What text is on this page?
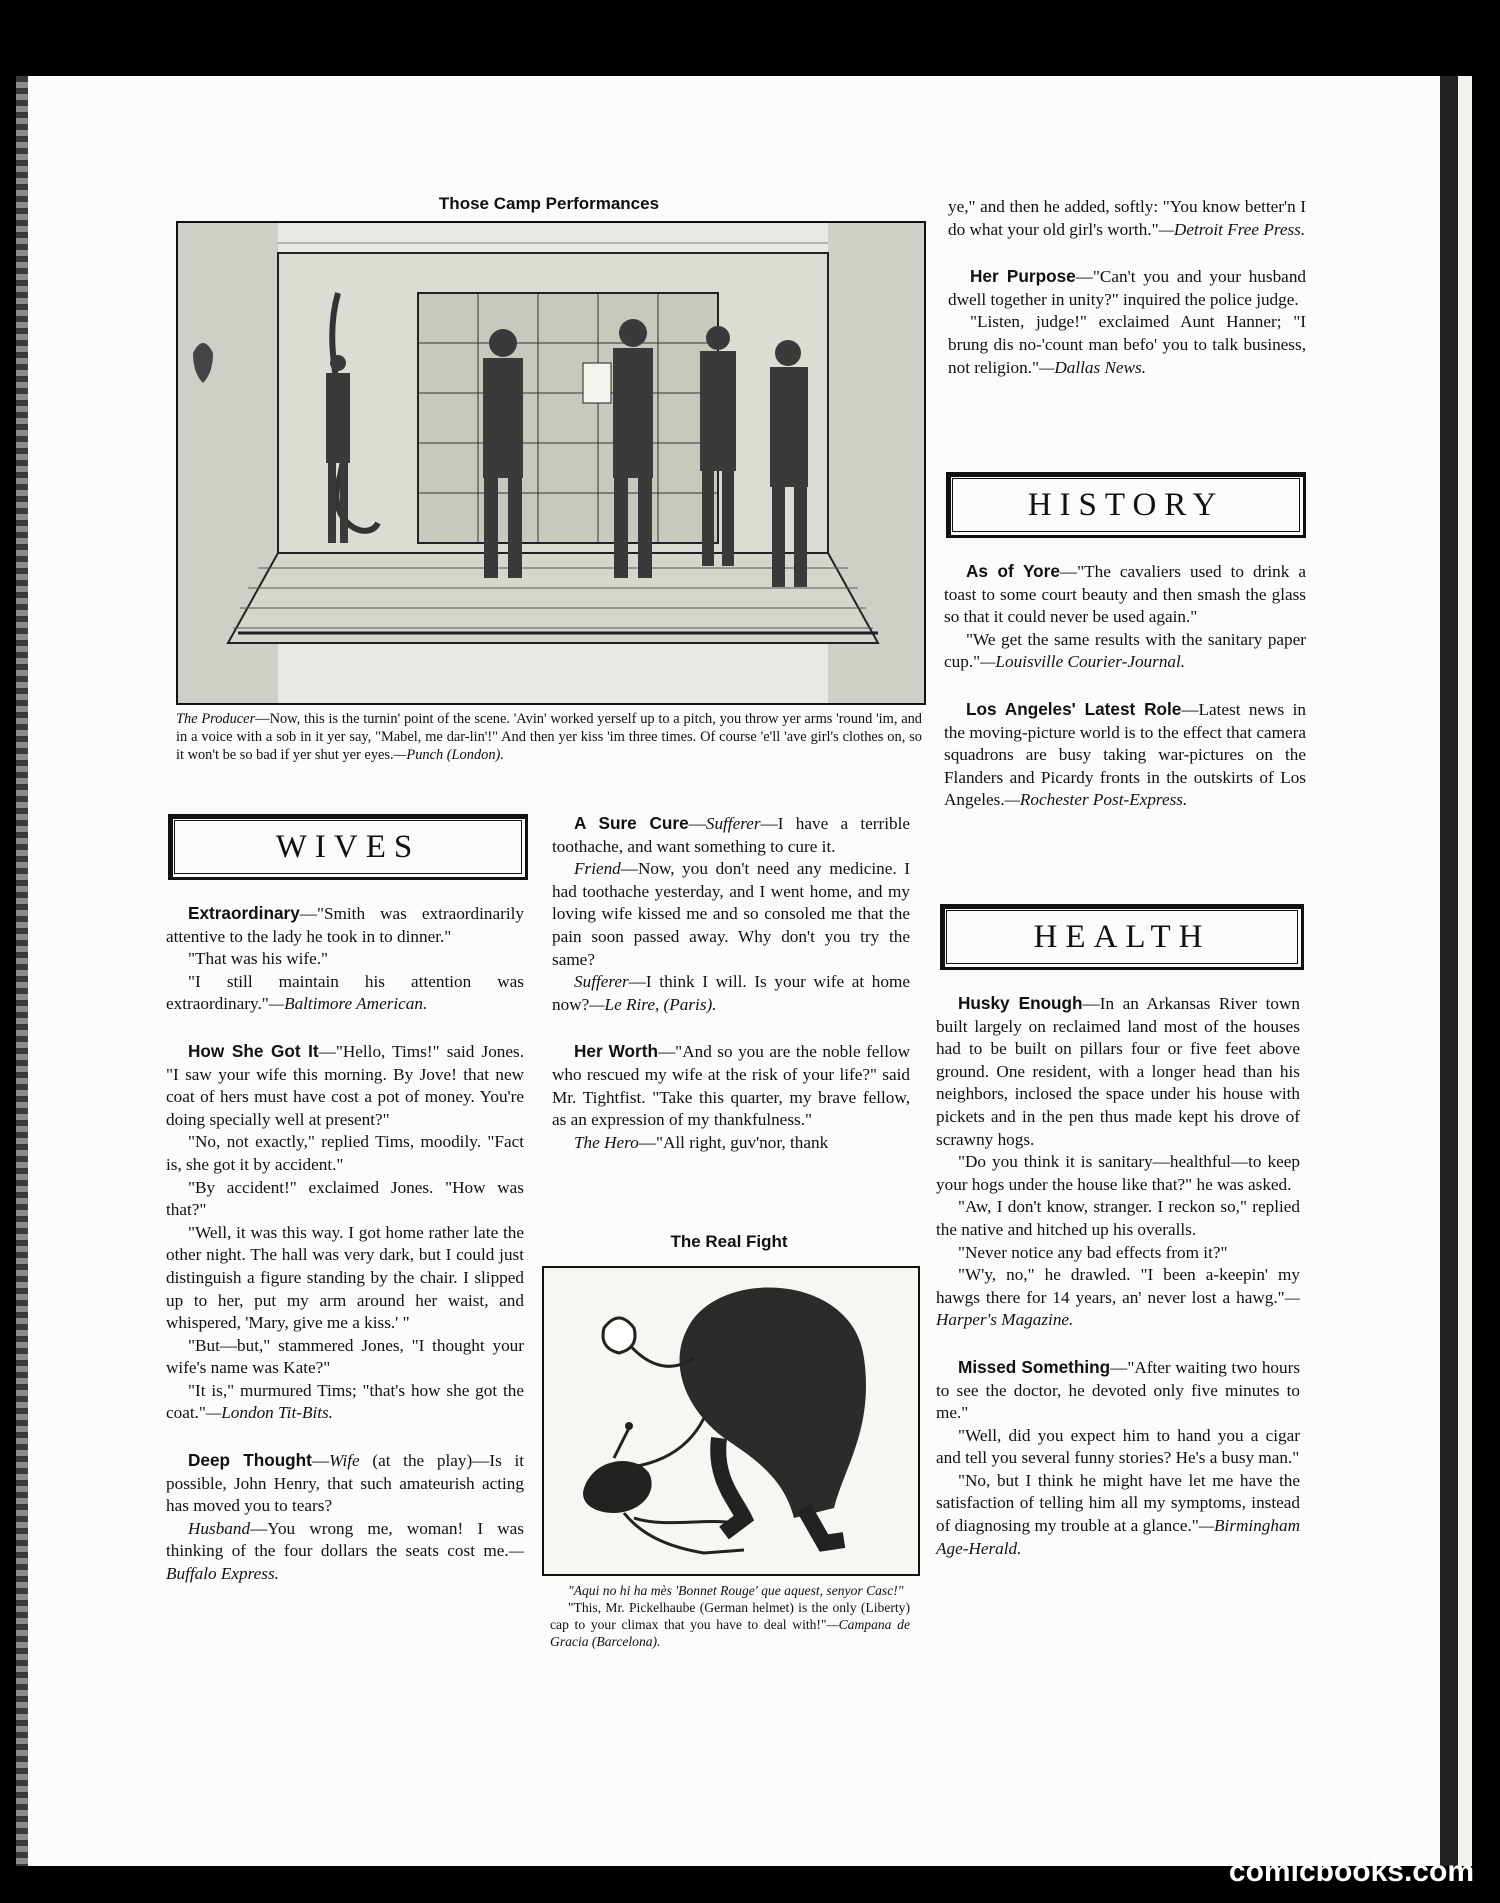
Those Camp Performances

The Producer—Now, this is the turnin' point of the scene. 'Avin' worked yerself up to a pitch, you throw yer arms 'round 'im, and in a voice with a sob in it yer say, "Mabel, me dar-lin'!" And then yer kiss 'im three times. Of course 'e'll 'ave girl's clothes on, so it won't be so bad if yer shut yer eyes.—Punch (London).

WIVES
HISTORY
HEALTH

Extraordinary—"Smith was extraordinarily attentive to the lady he took in to dinner."

"That was his wife."

"I still maintain his attention was extraordinary."—Baltimore American.

How She Got It—"Hello, Tims!" said Jones. "I saw your wife this morning. By Jove! that new coat of hers must have cost a pot of money. You're doing specially well at present?"

"No, not exactly," replied Tims, moodily. "Fact is, she got it by accident."

"By accident!" exclaimed Jones. "How was that?"

"Well, it was this way. I got home rather late the other night. The hall was very dark, but I could just distinguish a figure standing by the chair. I slipped up to her, put my arm around her waist, and whispered, 'Mary, give me a kiss.' "

"But—but," stammered Jones, "I thought your wife's name was Kate?"

"It is," murmured Tims; "that's how she got the coat."—London Tit-Bits.

Deep Thought—Wife (at the play)—Is it possible, John Henry, that such amateurish acting has moved you to tears?

Husband—You wrong me, woman! I was thinking of the four dollars the seats cost me.—Buffalo Express.

A Sure Cure—Sufferer—I have a terrible toothache, and want something to cure it.

Friend—Now, you don't need any medicine. I had toothache yesterday, and I went home, and my loving wife kissed me and so consoled me that the pain soon passed away. Why don't you try the same?

Sufferer—I think I will. Is your wife at home now?—Le Rire, (Paris).

Her Worth—"And so you are the noble fellow who rescued my wife at the risk of your life?" said Mr. Tightfist. "Take this quarter, my brave fellow, as an expression of my thankfulness."

The Hero—"All right, guv'nor, thank

The Real Fight

"Aqui no hi ha mès 'Bonnet Rouge' que aquest, senyor Casc!"

"This, Mr. Pickelhaube (German helmet) is the only (Liberty) cap to your climax that you have to deal with!"—Campana de Gracia (Barcelona).

ye," and then he added, softly: "You know better'n I do what your old girl's worth."—Detroit Free Press.

Her Purpose—"Can't you and your husband dwell together in unity?" inquired the police judge.

"Listen, judge!" exclaimed Aunt Hanner; "I brung dis no-'count man befo' you to talk business, not religion."—Dallas News.

As of Yore—"The cavaliers used to drink a toast to some court beauty and then smash the glass so that it could never be used again."

"We get the same results with the sanitary paper cup."—Louisville Courier-Journal.

Los Angeles' Latest Role—Latest news in the moving-picture world is to the effect that camera squadrons are busy taking war-pictures on the Flanders and Picardy fronts in the outskirts of Los Angeles.—Rochester Post-Express.

Husky Enough—In an Arkansas River town built largely on reclaimed land most of the houses had to be built on pillars four or five feet above ground. One resident, with a longer head than his neighbors, inclosed the space under his house with pickets and in the pen thus made kept his drove of scrawny hogs.

"Do you think it is sanitary—healthful—to keep your hogs under the house like that?" he was asked.

"Aw, I don't know, stranger. I reckon so," replied the native and hitched up his overalls.

"Never notice any bad effects from it?"

"W'y, no," he drawled. "I been a-keepin' my hawgs there for 14 years, an' never lost a hawg."—Harper's Magazine.

Missed Something—"After waiting two hours to see the doctor, he devoted only five minutes to me."

"Well, did you expect him to hand you a cigar and tell you several funny stories? He's a busy man."

"No, but I think he might have let me have the satisfaction of telling him all my symptoms, instead of diagnosing my trouble at a glance."—Birmingham Age-Herald.

comicbooks.com
